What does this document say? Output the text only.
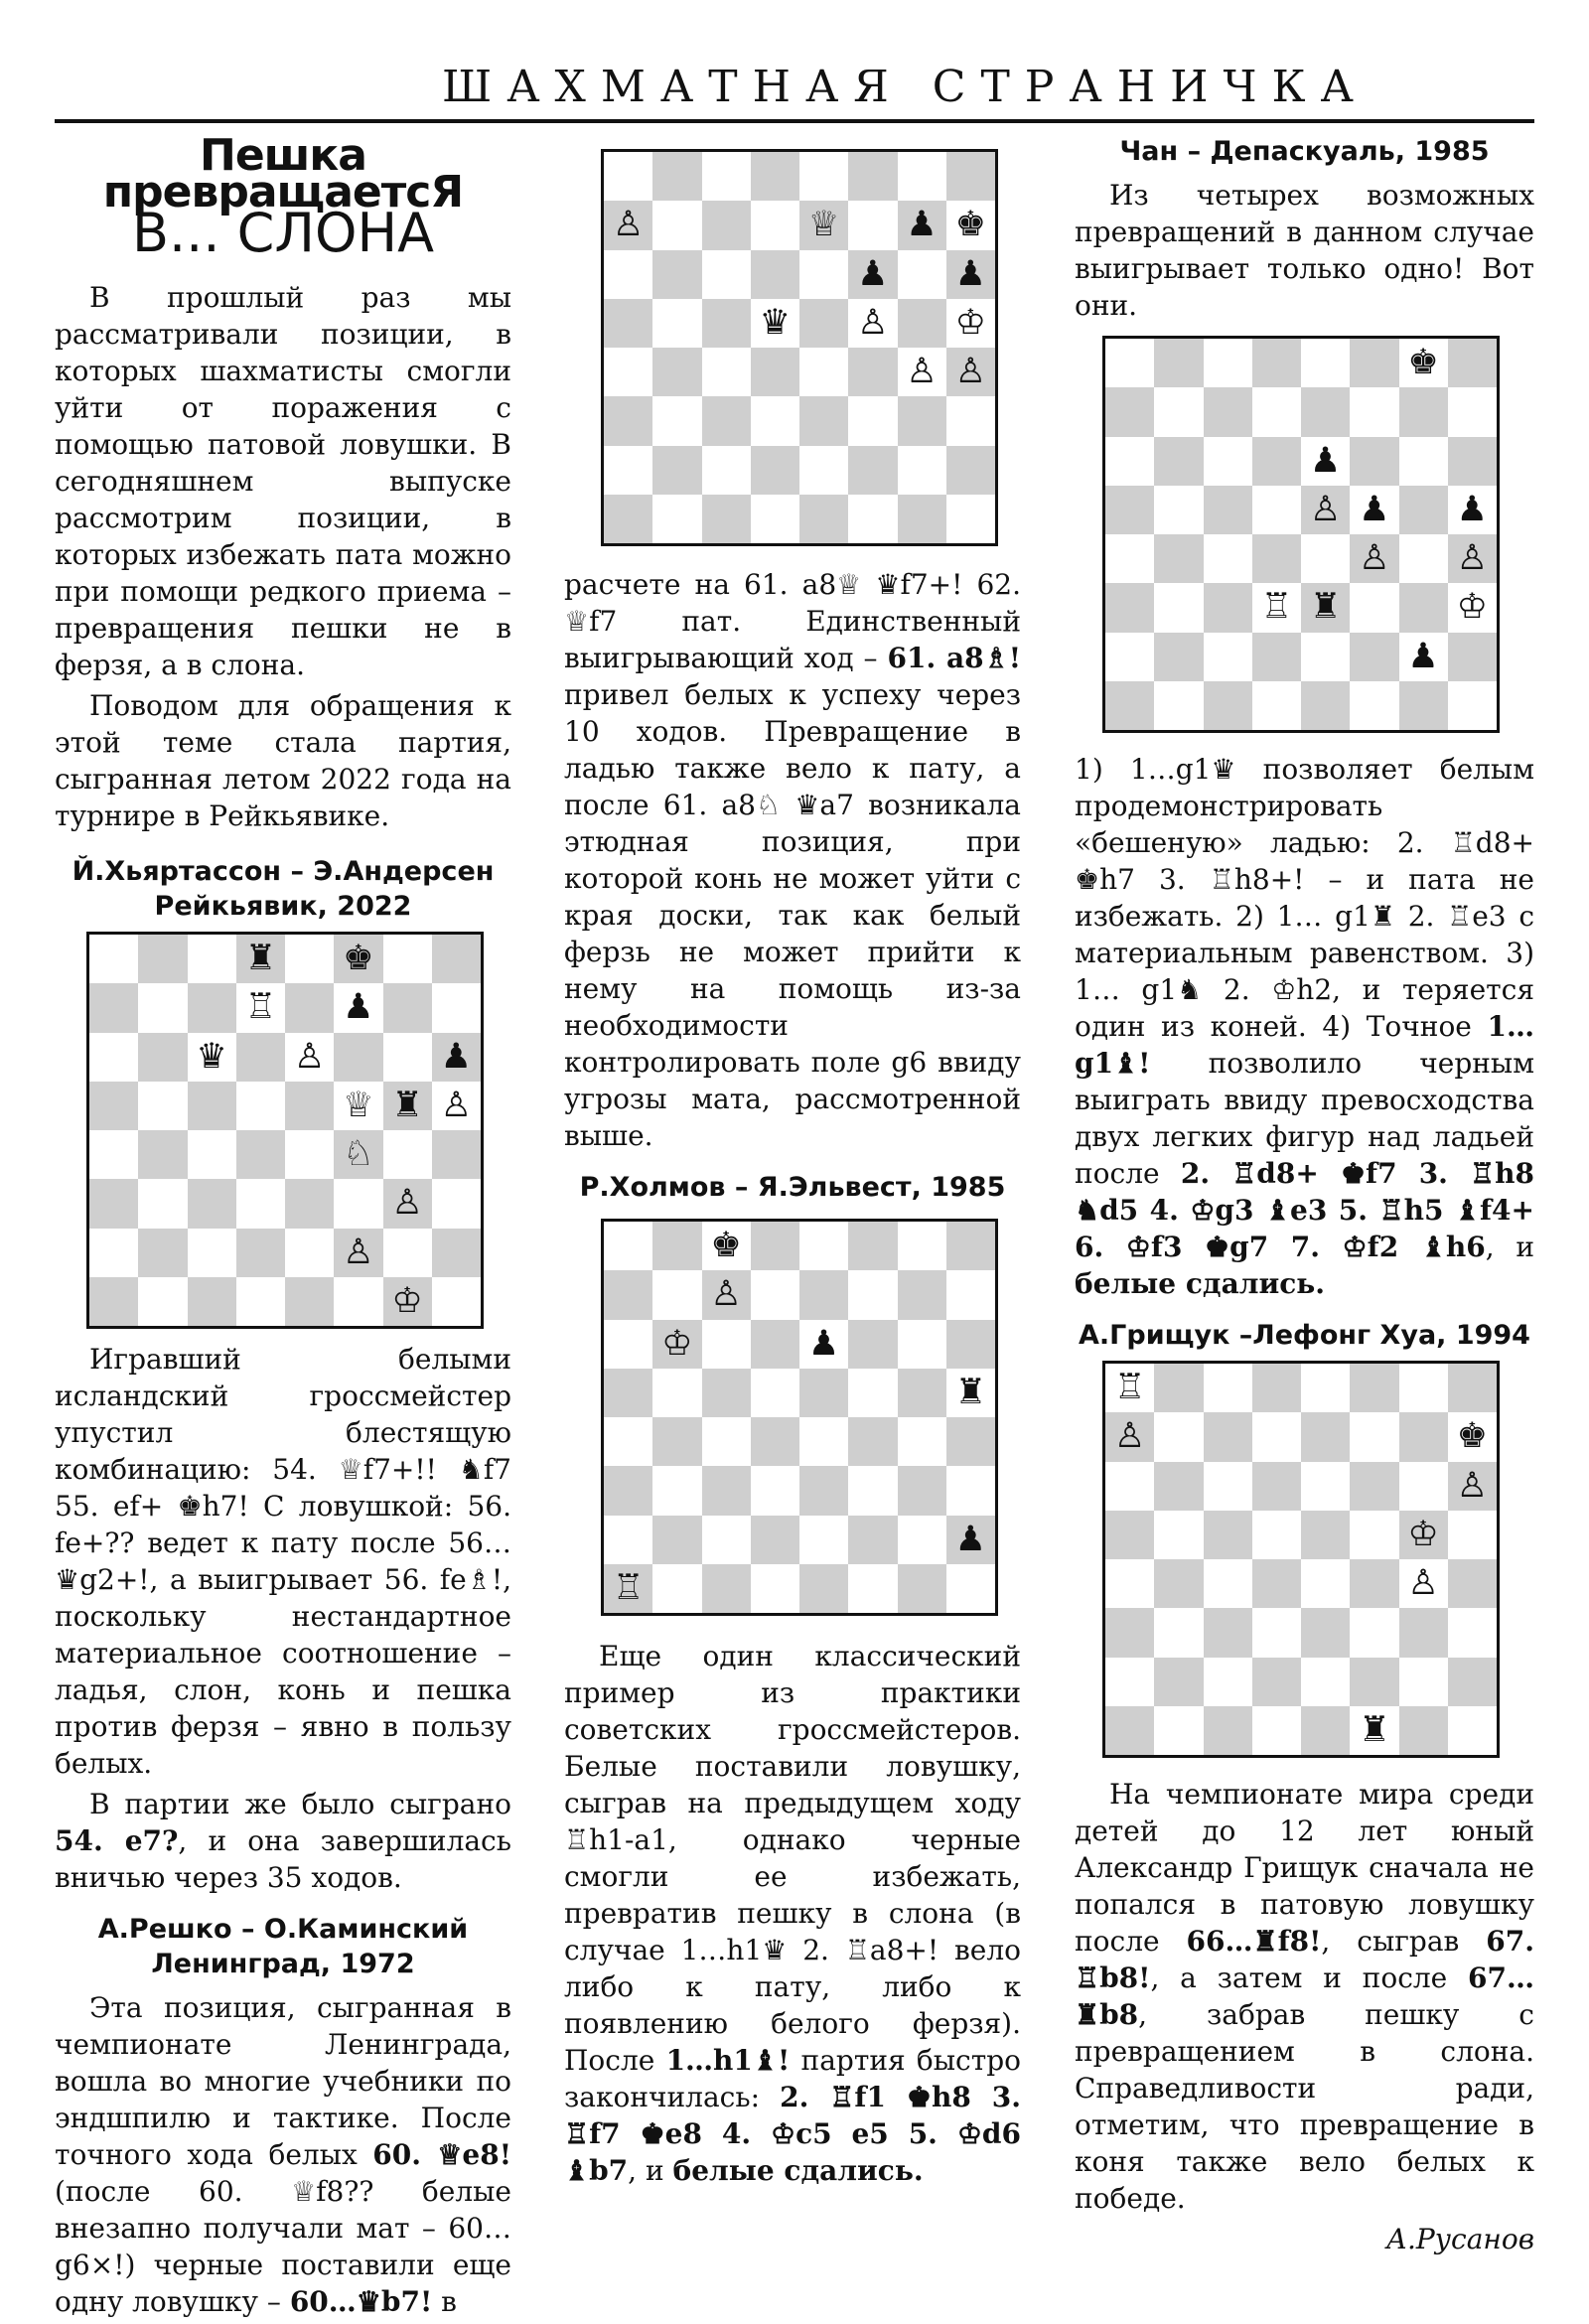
ШАХМАТНАЯ СТРАНИЧКА
Пешка превращаетсЯ
В... СЛОНА

В прошлый раз мы рассматривали позиции, в которых шахматисты смогли уйти от поражения с помощью патовой ловушки. В сегодняшнем выпуске рассмотрим позиции, в которых избежать пата можно при помощи редкого приема – превращения пешки не в ферзя, а в слона.

Поводом для обращения к этой теме стала партия, сыгранная летом 2022 года на турнире в Рейкьявике.

Й.Хьяртассон – Э.Андерсен
Рейкьявик, 2022
♜ ♚
♖ ♟
♛ ♙	♟
♕ ♜ ♙
♘
♙
♙
♔

Игравший белыми исландский гроссмейстер упустил блестящую комбинацию: 54. ♕f7+!! ♞f7 55. ef+ ♚h7! С ловушкой: 56. fe+?? ведет к пату после 56… ♛g2+!, а выигрывает 56. fe♗!, поскольку нестандартное материальное соотношение – ладья, слон, конь и пешка против ферзя – явно в пользу белых.

В партии же было сыграно 54. e7?, и она завершилась вничью через 35 ходов.

А.Решко – О.Каминский
Ленинград, 1972

Эта позиция, сыгранная в чемпионате Ленинграда, вошла во многие учебники по эндшпилю и тактике. После точного хода белых 60. ♕e8! (после 60. ♕f8?? белые внезапно получали мат – 60…g6×!) черные поставили еще одну ловушку – 60…♛b7! в

♙	♕ ♟ ♚
♟ ♟
♛ ♙ ♔
♙ ♙

расчете на 61. a8♕ ♛f7+! 62. ♕f7 пат. Единственный выигрывающий ход – 61. a8♗! привел белых к успеху через 10 ходов. Превращение в ладью также вело к пату, а после 61. a8♘ ♛a7 возникала этюдная позиция, при которой конь не может уйти с края доски, так как белый ферзь не может прийти к нему на помощь из-за необходимости контролировать поле g6 ввиду угрозы мата, рассмотренной выше.

Р.Холмов – Я.Эльвест, 1985
♚
♙
♔	♟
♜
♟
♖

Еще один классический пример из практики советских гроссмейстеров. Белые поставили ловушку, сыграв на предыдущем ходу ♖h1-a1, однако черные смогли ее избежать, превратив пешку в слона (в случае 1…h1♛ 2. ♖a8+! вело либо к пату, либо к появлению белого ферзя). После 1…h1♝! партия быстро закончилась: 2. ♖f1 ♚h8 3. ♖f7 ♚e8 4. ♔c5 e5 5. ♔d6 ♝b7, и белые сдались.

Чан – Депаскуаль, 1985

Из четырех возможных превращений в данном случае выигрывает только одно! Вот они.

♚
♟
♙ ♟ ♟
♙ ♙
♖ ♜	♔
♟

1) 1…g1♛ позволяет белым продемонстрировать «бешеную» ладью: 2. ♖d8+ ♚h7 3. ♖h8+! – и пата не избежать. 2) 1… g1♜ 2. ♖e3 с материальным равенством. 3) 1… g1♞ 2. ♔h2, и теряется один из коней. 4) Точное 1… g1♝! позволило черным выиграть ввиду превосходства двух легких фигур над ладьей после 2. ♖d8+ ♚f7 3. ♖h8 ♞d5 4. ♔g3 ♝e3 5. ♖h5 ♝f4+ 6. ♔f3 ♚g7 7. ♔f2 ♝h6, и белые сдались.

А.Грищук –Лефонг Хуа, 1994
♖
♙	♚
♙
♔
♙
♜

На чемпионате мира среди детей до 12 лет юный Александр Грищук сначала не попался в патовую ловушку после 66…♜f8!, сыграв 67. ♖b8!, а затем и после 67…♜b8, забрав пешку с превращением в слона. Справедливости ради, отметим, что превращение в коня также вело белых к победе.

А.Русанов
